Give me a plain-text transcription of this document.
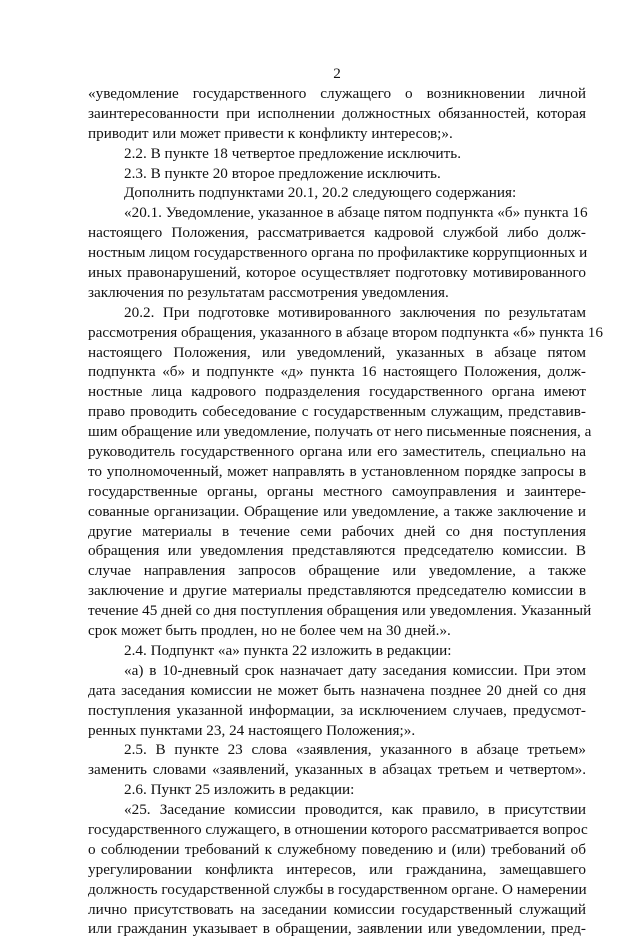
2
«уведомление государственного служащего о возникновении личной
заинтересованности при исполнении должностных обязанностей, которая
приводит или может привести к конфликту интересов;».
2.2. В пункте 18 четвертое предложение исключить.
2.3. В пункте 20 второе предложение исключить.
Дополнить подпунктами 20.1, 20.2 следующего содержания:
«20.1. Уведомление, указанное в абзаце пятом подпункта «б» пункта 16
настоящего Положения, рассматривается кадровой службой либо долж-
ностным лицом государственного органа по профилактике коррупционных и
иных правонарушений, которое осуществляет подготовку мотивированного
заключения по результатам рассмотрения уведомления.
20.2. При подготовке мотивированного заключения по результатам
рассмотрения обращения, указанного в абзаце втором подпункта «б» пункта 16
настоящего Положения, или уведомлений, указанных в абзаце пятом
подпункта «б» и подпункте «д» пункта 16 настоящего Положения, долж-
ностные лица кадрового подразделения государственного органа имеют
право проводить собеседование с государственным служащим, представив-
шим обращение или уведомление, получать от него письменные пояснения, а
руководитель государственного органа или его заместитель, специально на
то уполномоченный, может направлять в установленном порядке запросы в
государственные органы, органы местного самоуправления и заинтере-
сованные организации. Обращение или уведомление, а также заключение и
другие материалы в течение семи рабочих дней со дня поступления
обращения или уведомления представляются председателю комиссии. В
случае направления запросов обращение или уведомление, а также
заключение и другие материалы представляются председателю комиссии в
течение 45 дней со дня поступления обращения или уведомления. Указанный
срок может быть продлен, но не более чем на 30 дней.».
2.4. Подпункт «а» пункта 22 изложить в редакции:
«а) в 10-дневный срок назначает дату заседания комиссии. При этом
дата заседания комиссии не может быть назначена позднее 20 дней со дня
поступления указанной информации, за исключением случаев, предусмот-
ренных пунктами 23, 24 настоящего Положения;».
2.5. В пункте 23 слова «заявления, указанного в абзаце третьем»
заменить словами «заявлений, указанных в абзацах третьем и четвертом».
2.6. Пункт 25 изложить в редакции:
«25. Заседание комиссии проводится, как правило, в присутствии
государственного служащего, в отношении которого рассматривается вопрос
о соблюдении требований к служебному поведению и (или) требований об
урегулировании конфликта интересов, или гражданина, замещавшего
должность государственной службы в государственном органе. О намерении
лично присутствовать на заседании комиссии государственный служащий
или гражданин указывает в обращении, заявлении или уведомлении, пред-
